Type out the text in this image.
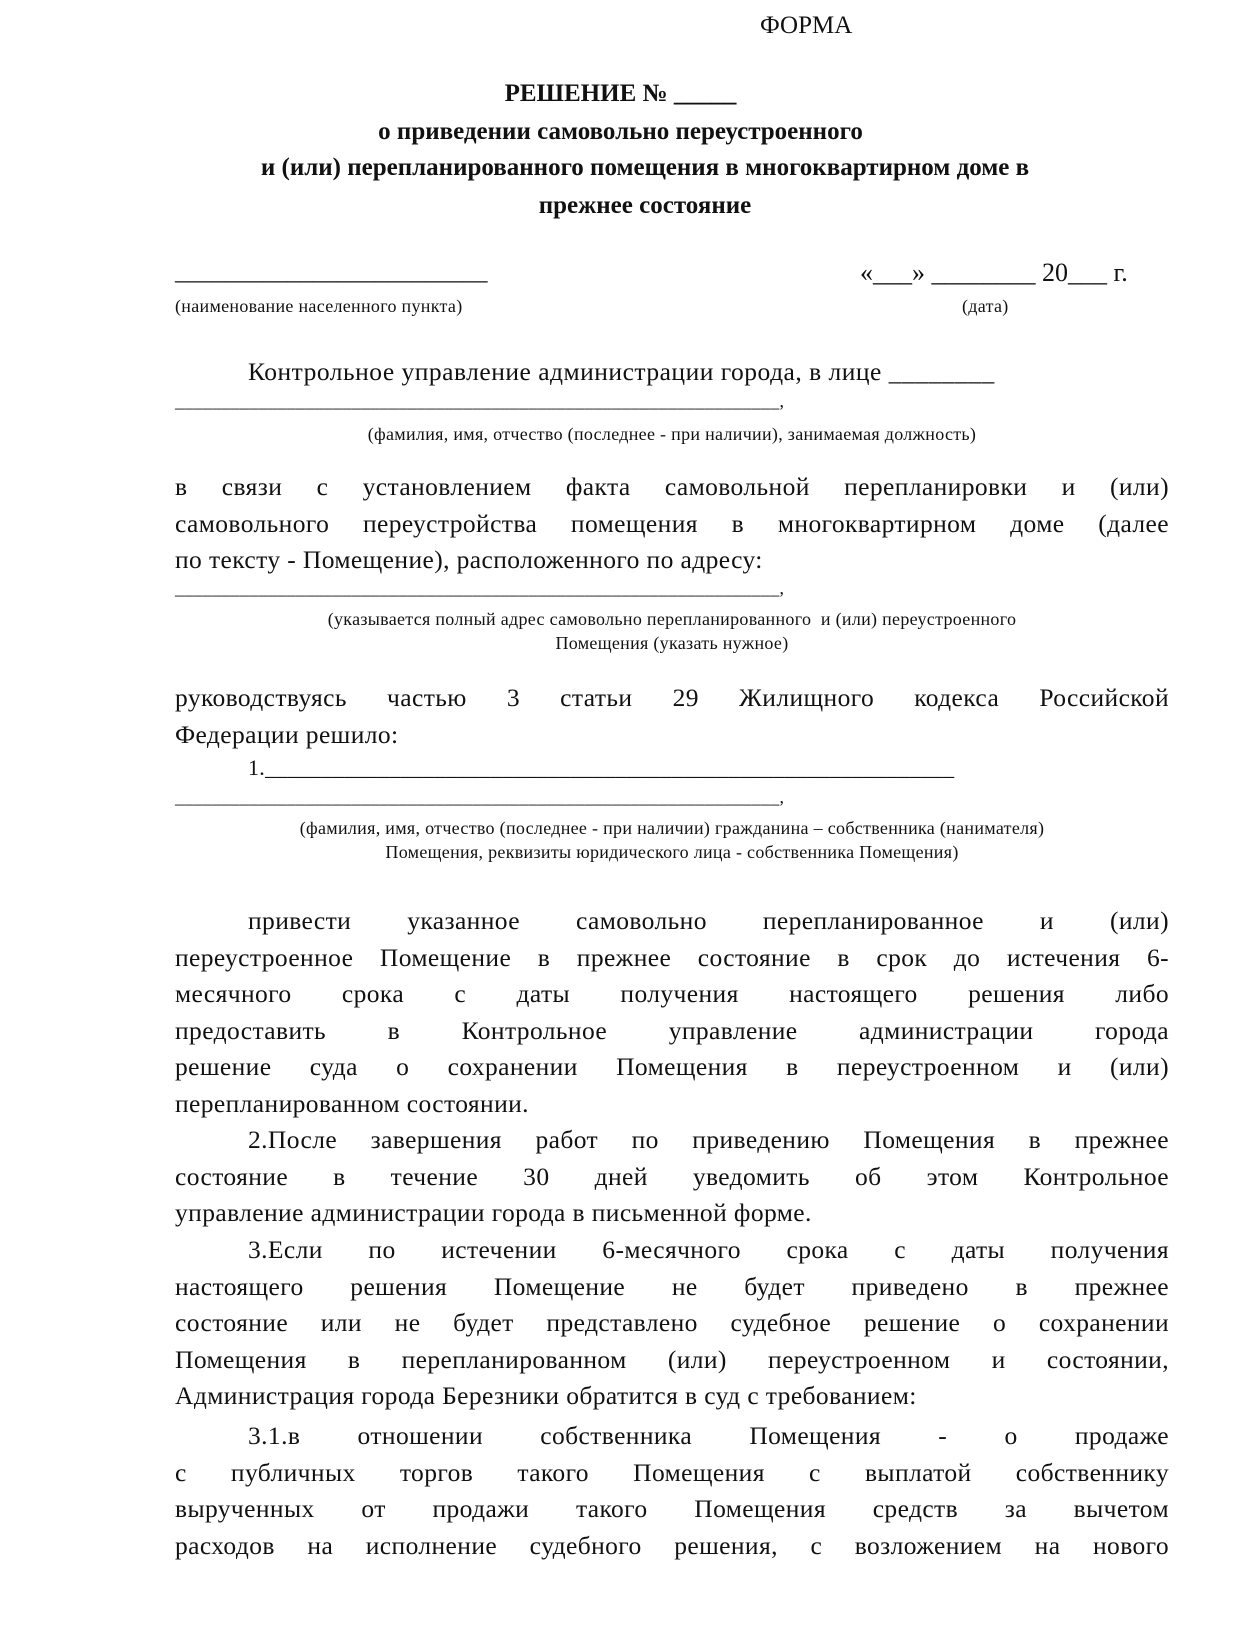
ФОРМА
РЕШЕНИЕ № _____
о приведении самовольно переустроенного
и (или) перепланированного помещения в многоквартирном доме в
прежнее состояние
_________________________
(наименование населенного пункта)
«___» ________ 20___ г.
(дата)
Контрольное управление администрации города, в лице ________
_________________________________________________________________,
(фамилия, имя, отчество (последнее - при наличии), занимаемая должность)
в связи с установлением факта самовольной перепланировки и (или)
самовольного переустройства помещения в многоквартирном доме (далее
по тексту - Помещение), расположенного по адресу:
_________________________________________________________________,
(указывается полный адрес самовольно перепланированного  и (или) переустроенного
Помещения (указать нужное)
руководствуясь частью 3 статьи 29 Жилищного кодекса Российской
Федерации решило:
1._____________________________________________________________
_________________________________________________________________,
(фамилия, имя, отчество (последнее - при наличии) гражданина – собственника (нанимателя)
Помещения, реквизиты юридического лица - собственника Помещения)
привести указанное самовольно перепланированное и (или)
переустроенное Помещение в прежнее состояние в срок до истечения 6-
месячного срока с даты получения настоящего решения либо
предоставить в Контрольное управление администрации города
решение суда о сохранении Помещения в переустроенном и (или)
перепланированном состоянии.
2.После завершения работ по приведению Помещения в прежнее
состояние в течение 30 дней уведомить об этом Контрольное
управление администрации города в письменной форме.
3.Если по истечении 6-месячного срока с даты получения
настоящего решения Помещение не будет приведено в прежнее
состояние или не будет представлено судебное решение о сохранении
Помещения в перепланированном (или) переустроенном и состоянии,
Администрация города Березники обратится в суд с требованием:
3.1.в отношении собственника Помещения - о продаже
с публичных торгов такого Помещения с выплатой собственнику
вырученных от продажи такого Помещения средств за вычетом
расходов на исполнение судебного решения, с возложением на нового
